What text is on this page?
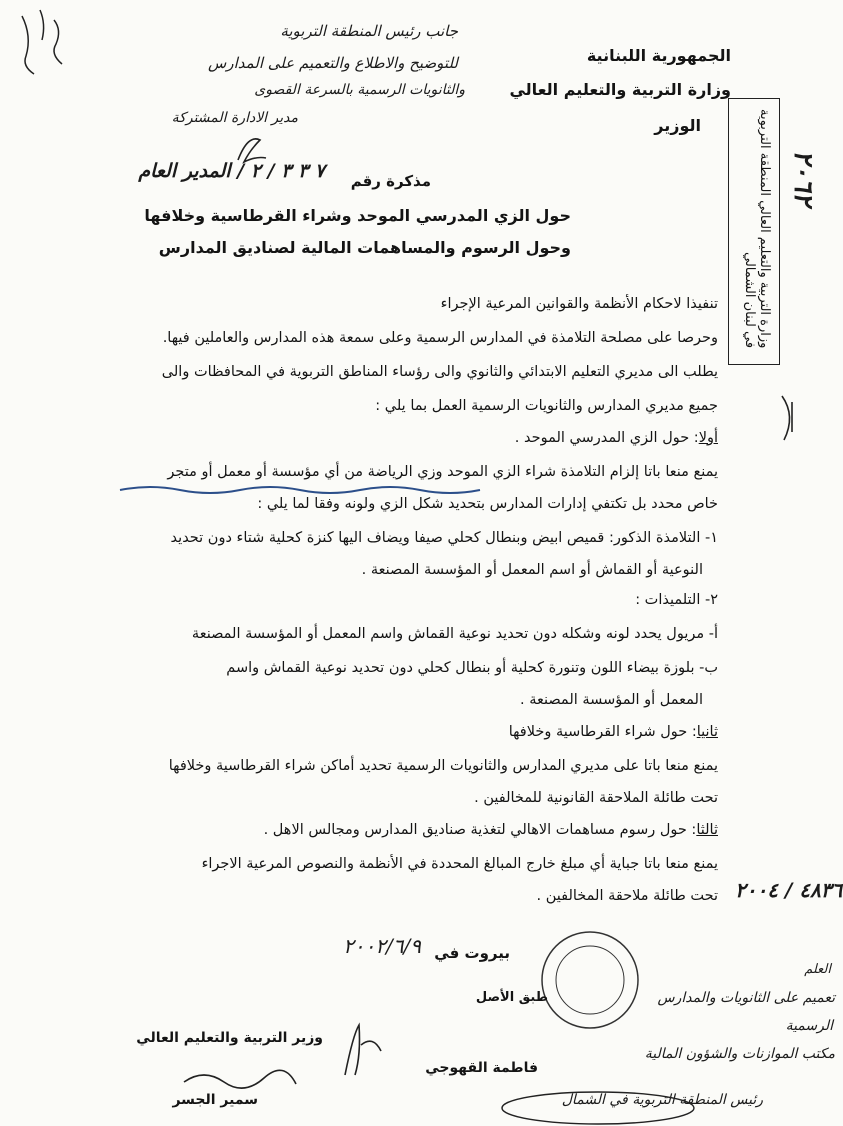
جانب رئيس المنطقة التربوية
للتوضيح والاطلاع والتعميم على المدارس
والثانويات الرسمية بالسرعة القصوى
مدير الادارة المشتركة
الجمهورية اللبنانية
وزارة التربية والتعليم العالي
الوزير	وزارة التربية والتعليم العالي المنطقة التربوية في لبنان الشمالي
٢٠٦٢
مذكرة رقم
٧ ٣ ٣ / ٢ / المدير العام
حول الزي المدرسي الموحد وشراء القرطاسية وخلافها
وحول الرسوم والمساهمات المالية لصناديق المدارس
تنفيذا لاحكام الأنظمة والقوانين المرعية الإجراء
وحرصا على مصلحة التلامذة في المدارس الرسمية وعلى سمعة هذه المدارس والعاملين فيها.
يطلب الى مديري التعليم الابتدائي والثانوي والى رؤساء المناطق التربوية في المحافظات والى
جميع مديري المدارس والثانويات الرسمية العمل بما يلي :
أولا: حول الزي المدرسي الموحد .
يمنع منعا باتا إلزام التلامذة شراء الزي الموحد وزي الرياضة من أي مؤسسة أو معمل أو متجر
خاص محدد بل تكتفي إدارات المدارس بتحديد شكل الزي ولونه وفقا لما يلي :
١- التلامذة الذكور: قميص ابيض وبنطال كحلي صيفا ويضاف اليها كنزة كحلية شتاء دون تحديد
النوعية أو القماش أو اسم المعمل أو المؤسسة المصنعة .
٢- التلميذات :
أ- مريول يحدد لونه وشكله دون تحديد نوعية القماش واسم المعمل أو المؤسسة المصنعة
ب- بلوزة بيضاء اللون وتنورة كحلية أو بنطال كحلي دون تحديد نوعية القماش واسم
المعمل أو المؤسسة المصنعة .
ثانيا: حول شراء القرطاسية وخلافها
يمنع منعا باتا على مديري المدارس والثانويات الرسمية تحديد أماكن شراء القرطاسية وخلافها
تحت طائلة الملاحقة القانونية للمخالفين .
ثالثا: حول رسوم مساهمات الاهالي لتغذية صناديق المدارس ومجالس الاهل .
يمنع منعا باتا جباية أي مبلغ خارج المبالغ المحددة في الأنظمة والنصوص المرعية الاجراء
تحت طائلة ملاحقة المخالفين . ٤٨٣٦ / ٢٠٠٤
بيروت في
٢٠٠٢/٦/٩
طبق الأصل
فاطمة القهوجي
وزير التربية والتعليم العالي
سمير الجسر
العلم
تعميم على الثانويات والمدارس
الرسمية
مكتب الموازنات والشؤون المالية
رئيس المنطقة التربوية في الشمال
